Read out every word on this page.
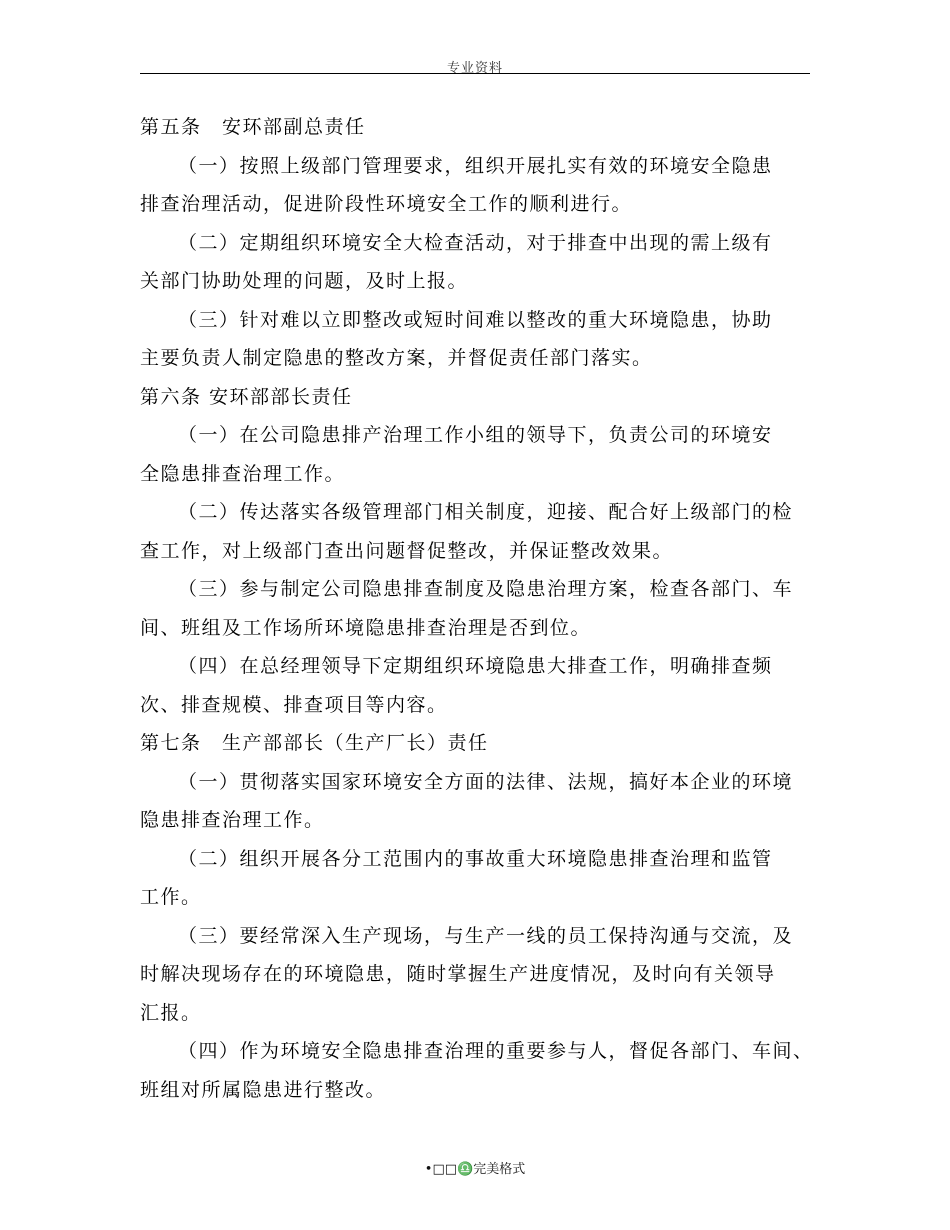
专业资料
第五条　安环部副总责任
（一）按照上级部门管理要求，组织开展扎实有效的环境安全隐患
排查治理活动，促进阶段性环境安全工作的顺利进行。
（二）定期组织环境安全大检查活动，对于排查中出现的需上级有
关部门协助处理的问题，及时上报。
（三）针对难以立即整改或短时间难以整改的重大环境隐患，协助
主要负责人制定隐患的整改方案，并督促责任部门落实。
第六条 安环部部长责任
（一）在公司隐患排产治理工作小组的领导下，负责公司的环境安
全隐患排查治理工作。
（二）传达落实各级管理部门相关制度，迎接、配合好上级部门的检
查工作，对上级部门查出问题督促整改，并保证整改效果。
（三）参与制定公司隐患排查制度及隐患治理方案，检查各部门、车
间、班组及工作场所环境隐患排查治理是否到位。
（四）在总经理领导下定期组织环境隐患大排查工作，明确排查频
次、排查规模、排查项目等内容。
第七条　生产部部长（生产厂长）责任
（一）贯彻落实国家环境安全方面的法律、法规，搞好本企业的环境
隐患排查治理工作。
（二）组织开展各分工范围内的事故重大环境隐患排查治理和监管
工作。
（三）要经常深入生产现场，与生产一线的员工保持沟通与交流，及
时解决现场存在的环境隐患，随时掌握生产进度情况，及时向有关领导
汇报。
（四）作为环境安全隐患排查治理的重要参与人，督促各部门、车间、
班组对所属隐患进行整改。
•□□♎完美格式
